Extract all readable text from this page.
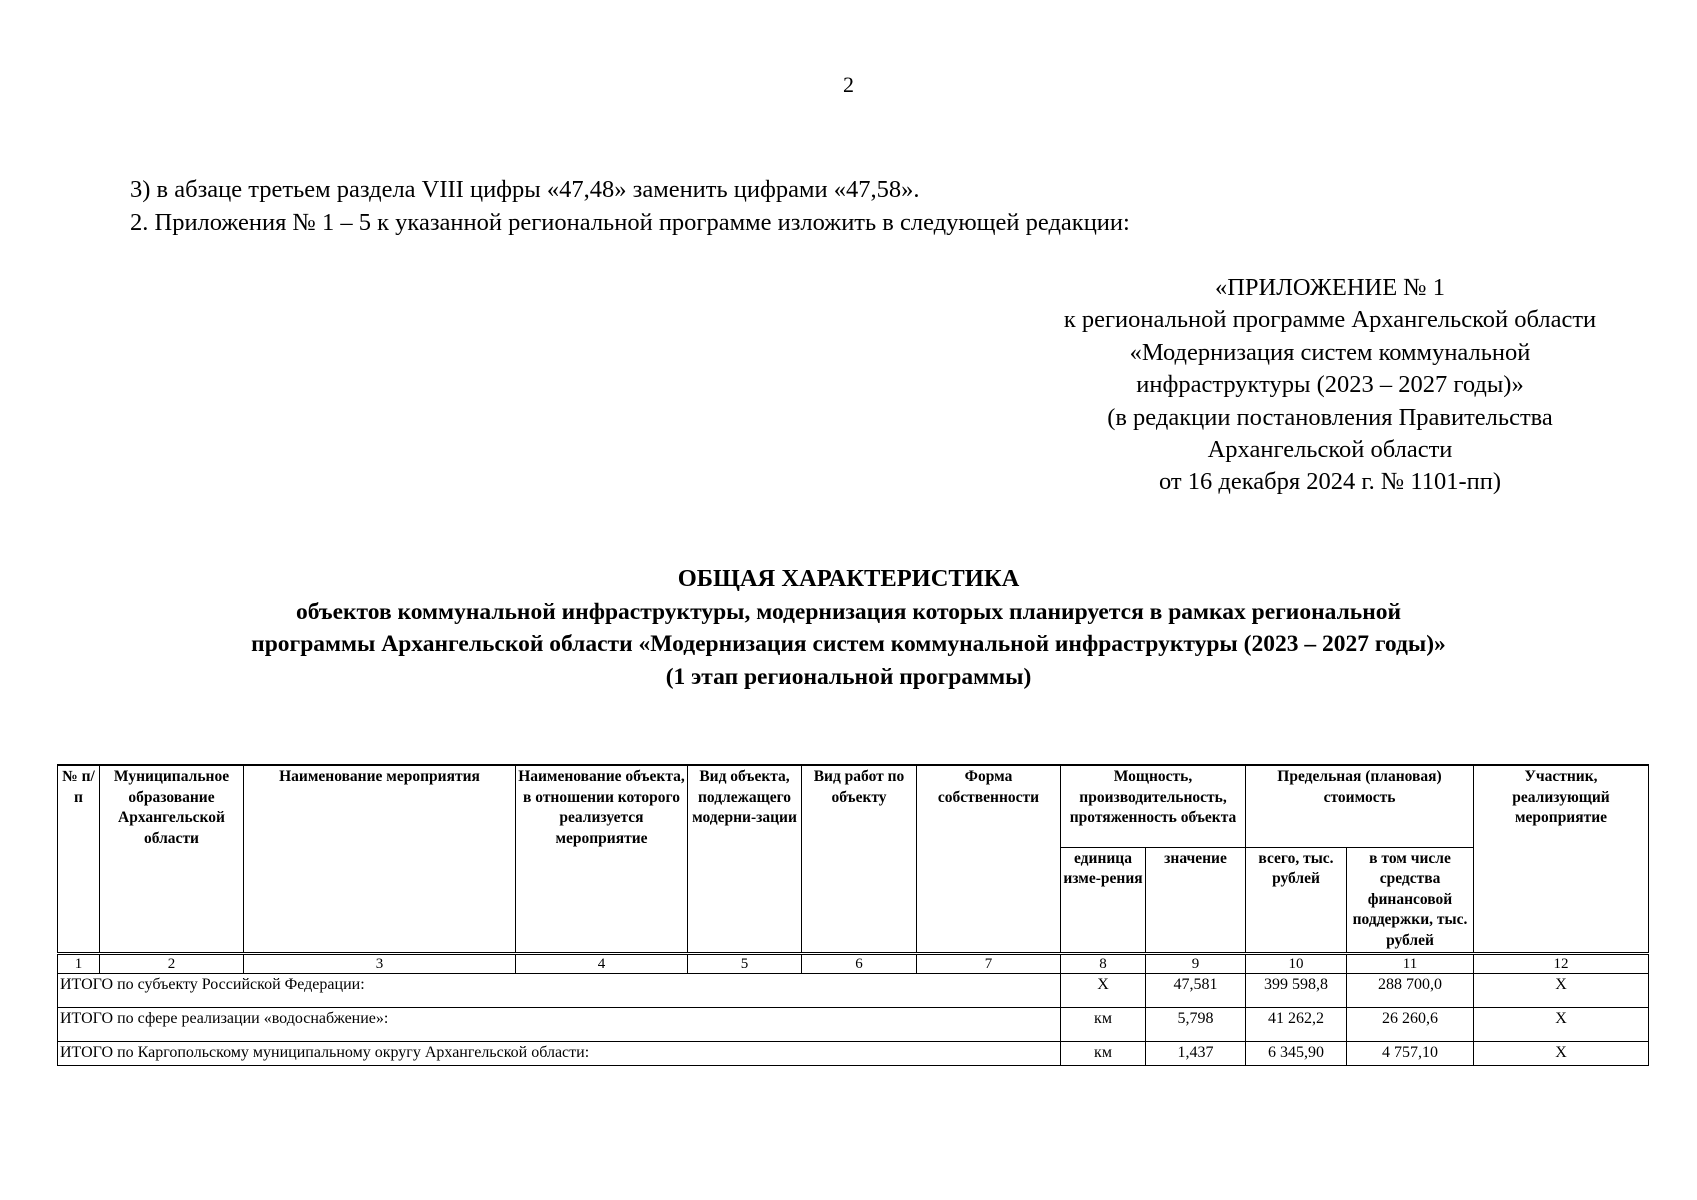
2
3) в абзаце третьем раздела VIII цифры «47,48» заменить цифрами «47,58».
2. Приложения № 1 – 5 к указанной региональной программе изложить в следующей редакции:
«ПРИЛОЖЕНИЕ № 1
к региональной программе Архангельской области
«Модернизация систем коммунальной
инфраструктуры (2023 – 2027 годы)»
(в редакции постановления Правительства
Архангельской области
от 16 декабря 2024 г. № 1101-пп)
ОБЩАЯ ХАРАКТЕРИСТИКА
объектов коммунальной инфраструктуры, модернизация которых планируется в рамках региональной
программы Архангельской области «Модернизация систем коммунальной инфраструктуры (2023 – 2027 годы)»
(1 этап региональной программы)
№ п/п	Муниципальное образование Архангельской области	Наименование мероприятия	Наименование объекта, в отношении которого реализуется мероприятие	Вид объекта, подлежащего модерни-зации	Вид работ по объекту	Форма собственности	Мощность, производительность, протяженность объекта		Предельная (плановая) стоимость		Участник, реализующий мероприятие
							единица изме-рения	значение	всего, тыс. рублей	в том числе средства финансовой поддержки, тыс. рублей	
1	2	3	4	5	6	7	8	9	10	11	12
ИТОГО по субъекту Российской Федерации:							Х	47,581	399 598,8	288 700,0	Х
ИТОГО по сфере реализации «водоснабжение»:							км	5,798	41 262,2	26 260,6	Х
ИТОГО по Каргопольскому муниципальному округу Архангельской области:							км	1,437	6 345,90	4 757,10	Х
